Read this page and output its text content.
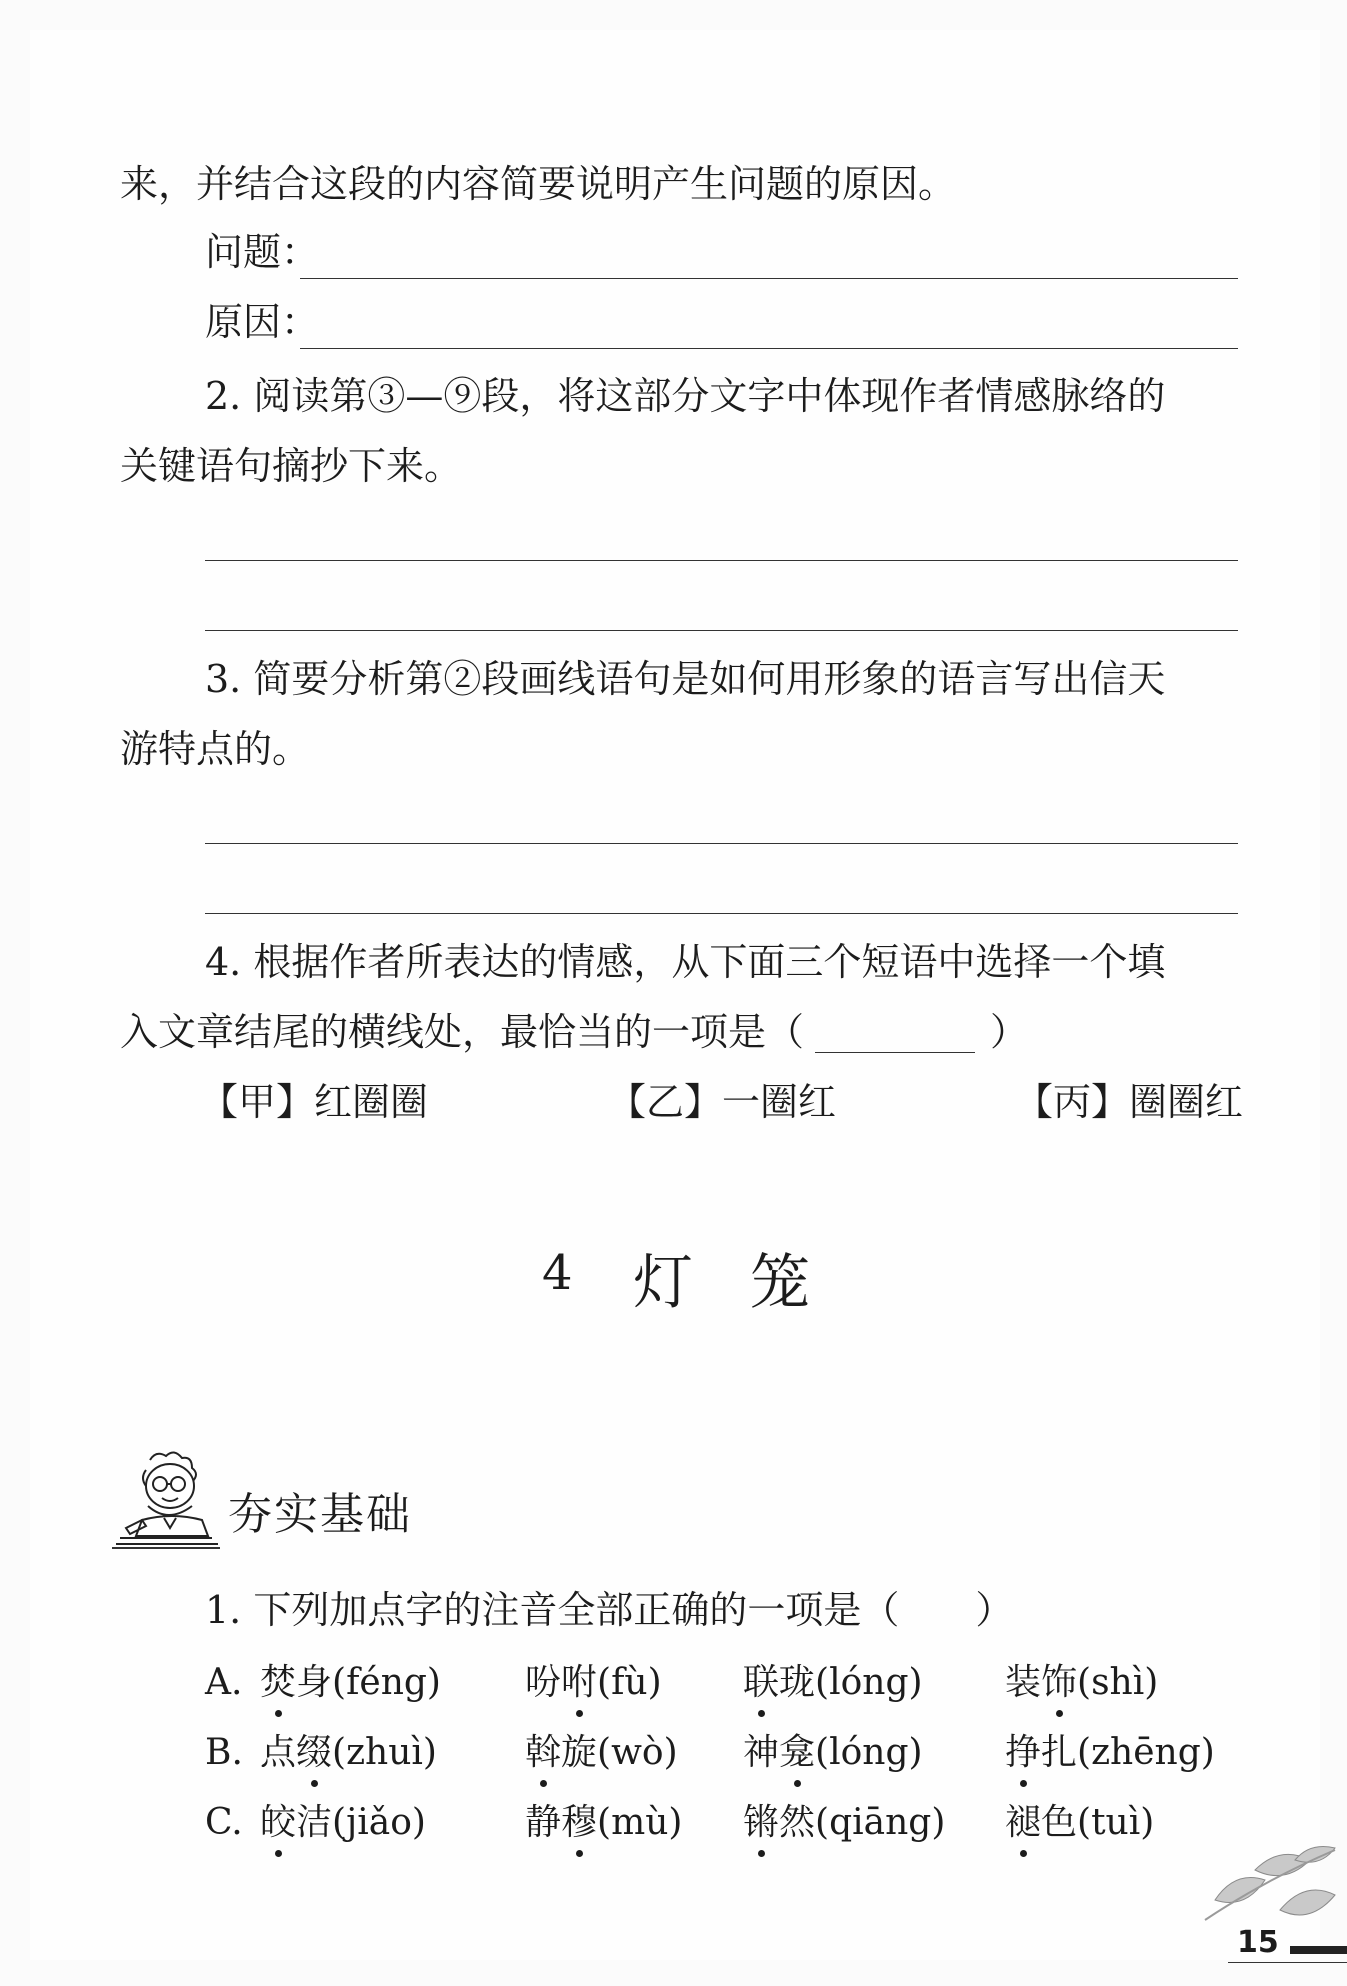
来，并结合这段的内容简要说明产生问题的原因。
问题：
原因：
2. 阅读第③—⑨段，将这部分文字中体现作者情感脉络的
关键语句摘抄下来。
3. 简要分析第②段画线语句是如何用形象的语言写出信天
游特点的。
4. 根据作者所表达的情感，从下面三个短语中选择一个填
入文章结尾的横线处，最恰当的一项是（	）
【甲】红圈圈	【乙】一圈红	【丙】圈圈红
4 灯 笼
夯实基础
1. 下列加点字的注音全部正确的一项是（　　）
A. 焚身(féng) 吩咐(fù) 联珑(lóng) 装饰(shì)
B. 点缀(zhuì) 斡旋(wò) 神龛(lóng) 挣扎(zhēng)
C. 皎洁(jiǎo)	静穆(mù) 锵然(qiāng) 褪色(tuì)
15
